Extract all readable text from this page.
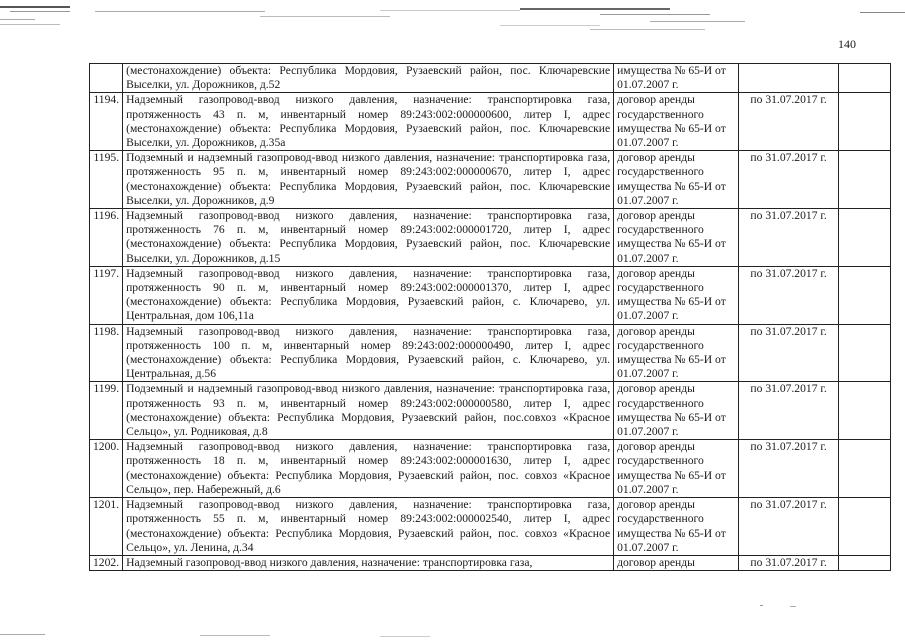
140
	(местонахождение) объекта: Республика Мордовия, Рузаевский район, пос. Ключаревские Выселки, ул. Дорожников, д.52	имущества № 65-И от 01.07.2007 г.		
1194.	Надземный газопровод-ввод низкого давления, назначение: транспортировка газа, протяженность 43 п. м, инвентарный номер 89:243:002:000000600, литер I, адрес (местонахождение) объекта: Республика Мордовия, Рузаевский район, пос. Ключаревские Выселки, ул. Дорожников, д.35а	договор аренды государственного имущества № 65-И от 01.07.2007 г.	по 31.07.2017 г.	
1195.	Подземный и надземный газопровод-ввод низкого давления, назначение: транспортировка газа, протяженность 95 п. м, инвентарный номер 89:243:002:000000670, литер I, адрес (местонахождение) объекта: Республика Мордовия, Рузаевский район, пос. Ключаревские Выселки, ул. Дорожников, д.9	договор аренды государственного имущества № 65-И от 01.07.2007 г.	по 31.07.2017 г.	
1196.	Надземный газопровод-ввод низкого давления, назначение: транспортировка газа, протяженность 76 п. м, инвентарный номер 89:243:002:000001720, литер I, адрес (местонахождение) объекта: Республика Мордовия, Рузаевский район, пос. Ключаревские Выселки, ул. Дорожников, д.15	договор аренды государственного имущества № 65-И от 01.07.2007 г.	по 31.07.2017 г.	
1197.	Надземный газопровод-ввод низкого давления, назначение: транспортировка газа, протяженность 90 п. м, инвентарный номер 89:243:002:000001370, литер I, адрес (местонахождение) объекта: Республика Мордовия, Рузаевский район, с. Ключарево, ул. Центральная, дом 106,11а	договор аренды государственного имущества № 65-И от 01.07.2007 г.	по 31.07.2017 г.	
1198.	Надземный газопровод-ввод низкого давления, назначение: транспортировка газа, протяженность 100 п. м, инвентарный номер 89:243:002:000000490, литер I, адрес (местонахождение) объекта: Республика Мордовия, Рузаевский район, с. Ключарево, ул. Центральная, д.56	договор аренды государственного имущества № 65-И от 01.07.2007 г.	по 31.07.2017 г.	
1199.	Подземный и надземный газопровод-ввод низкого давления, назначение: транспортировка газа, протяженность 93 п. м, инвентарный номер 89:243:002:000000580, литер I, адрес (местонахождение) объекта: Республика Мордовия, Рузаевский район, пос.совхоз «Красное Сельцо», ул. Родниковая, д.8	договор аренды государственного имущества № 65-И от 01.07.2007 г.	по 31.07.2017 г.	
1200.	Надземный газопровод-ввод низкого давления, назначение: транспортировка газа, протяженность 18 п. м, инвентарный номер 89:243:002:000001630, литер I, адрес (местонахождение) объекта: Республика Мордовия, Рузаевский район, пос. совхоз «Красное Сельцо», пер. Набережный, д.6	договор аренды государственного имущества № 65-И от 01.07.2007 г.	по 31.07.2017 г.	
1201.	Надземный газопровод-ввод низкого давления, назначение: транспортировка газа, протяженность 55 п. м, инвентарный номер 89:243:002:000002540, литер I, адрес (местонахождение) объекта: Республика Мордовия, Рузаевский район, пос. совхоз «Красное Сельцо», ул. Ленина, д.34	договор аренды государственного имущества № 65-И от 01.07.2007 г.	по 31.07.2017 г.	
1202.	Надземный газопровод-ввод низкого давления, назначение: транспортировка газа,	договор аренды	по 31.07.2017 г.	
